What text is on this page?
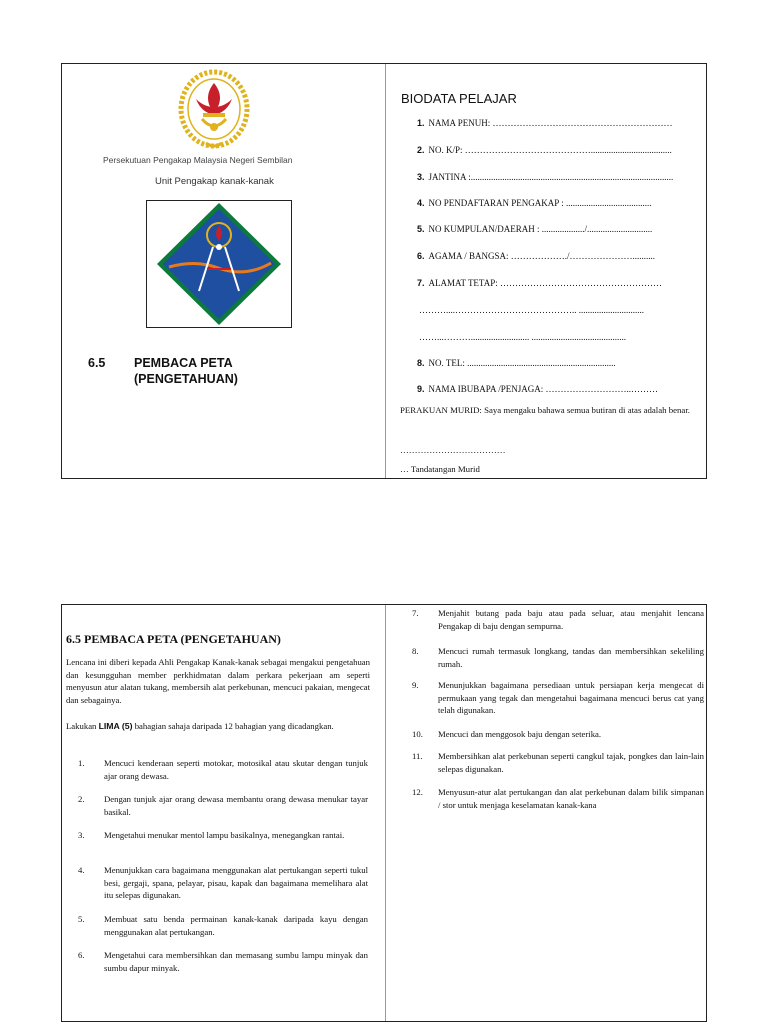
Persekutuan Pengakap Malaysia Negeri Sembilan
Unit Pengakap kanak-kanak
6.5 PEMBACA PETA
(PENGETAHUAN)
BIODATA PELAJAR
1. NAMA PENUH: ……………………………………………………
2. NO. K/P: ……………………………………....................................
3. JANTINA :..........................................................................................
4. NO PENDAFTARAN PENGAKAP : ......................................
5. NO KUMPULAN/DAERAH : .................../.............................
6. AGAMA / BANGSA: ………………./…………………..........
7. ALAMAT TETAP: ………………………………………………
………....………………………………….. .............................
……...……….......................... ..........................................
8. NO. TEL: ..................................................................
9. NAMA IBUBAPA /PENJAGA: ………………………..………
PERAKUAN MURID: Saya mengaku bahawa semua butiran di atas adalah benar.
………………………………
… Tandatangan Murid
6.5 PEMBACA PETA (PENGETAHUAN)
Lencana ini diberi kepada Ahli Pengakap Kanak-kanak sebagai mengakui pengetahuan dan kesungguhan member perkhidmatan dalam perkara pekerjaan am seperti menyusun atur alatan tukang, membersih alat perkebunan, mencuci pakaian, mengecat dan sebagainya.
Lakukan LIMA (5) bahagian sahaja daripada 12 bahagian yang dicadangkan.
1. Mencuci kenderaan seperti motokar, motosikal atau skutar dengan tunjuk ajar orang dewasa.
2. Dengan tunjuk ajar orang dewasa membantu orang dewasa menukar tayar basikal.
3. Mengetahui menukar mentol lampu basikalnya, menegangkan rantai.
4. Menunjukkan cara bagaimana menggunakan alat pertukangan seperti tukul besi, gergaji, spana, pelayar, pisau, kapak dan bagaimana memelihara alat itu selepas digunakan.
5. Membuat satu benda permainan kanak-kanak daripada kayu dengan menggunakan alat pertukangan.
6. Mengetahui cara membersihkan dan memasang sumbu lampu minyak dan sumbu dapur minyak.
7. Menjahit butang pada baju atau pada seluar, atau menjahit lencana Pengakap di baju dengan sempurna.
8. Mencuci rumah termasuk longkang, tandas dan membersihkan sekeliling rumah.
9. Menunjukkan bagaimana persediaan untuk persiapan kerja mengecat di permukaan yang tegak dan mengetahui bagaimana mencuci berus cat yang telah digunakan.
10. Mencuci dan menggosok baju dengan seterika.
11. Membersihkan alat perkebunan seperti cangkul tajak, pongkes dan lain-lain selepas digunakan.
12. Menyusun-atur alat pertukangan dan alat perkebunan dalam bilik simpanan / stor untuk menjaga keselamatan kanak-kana
